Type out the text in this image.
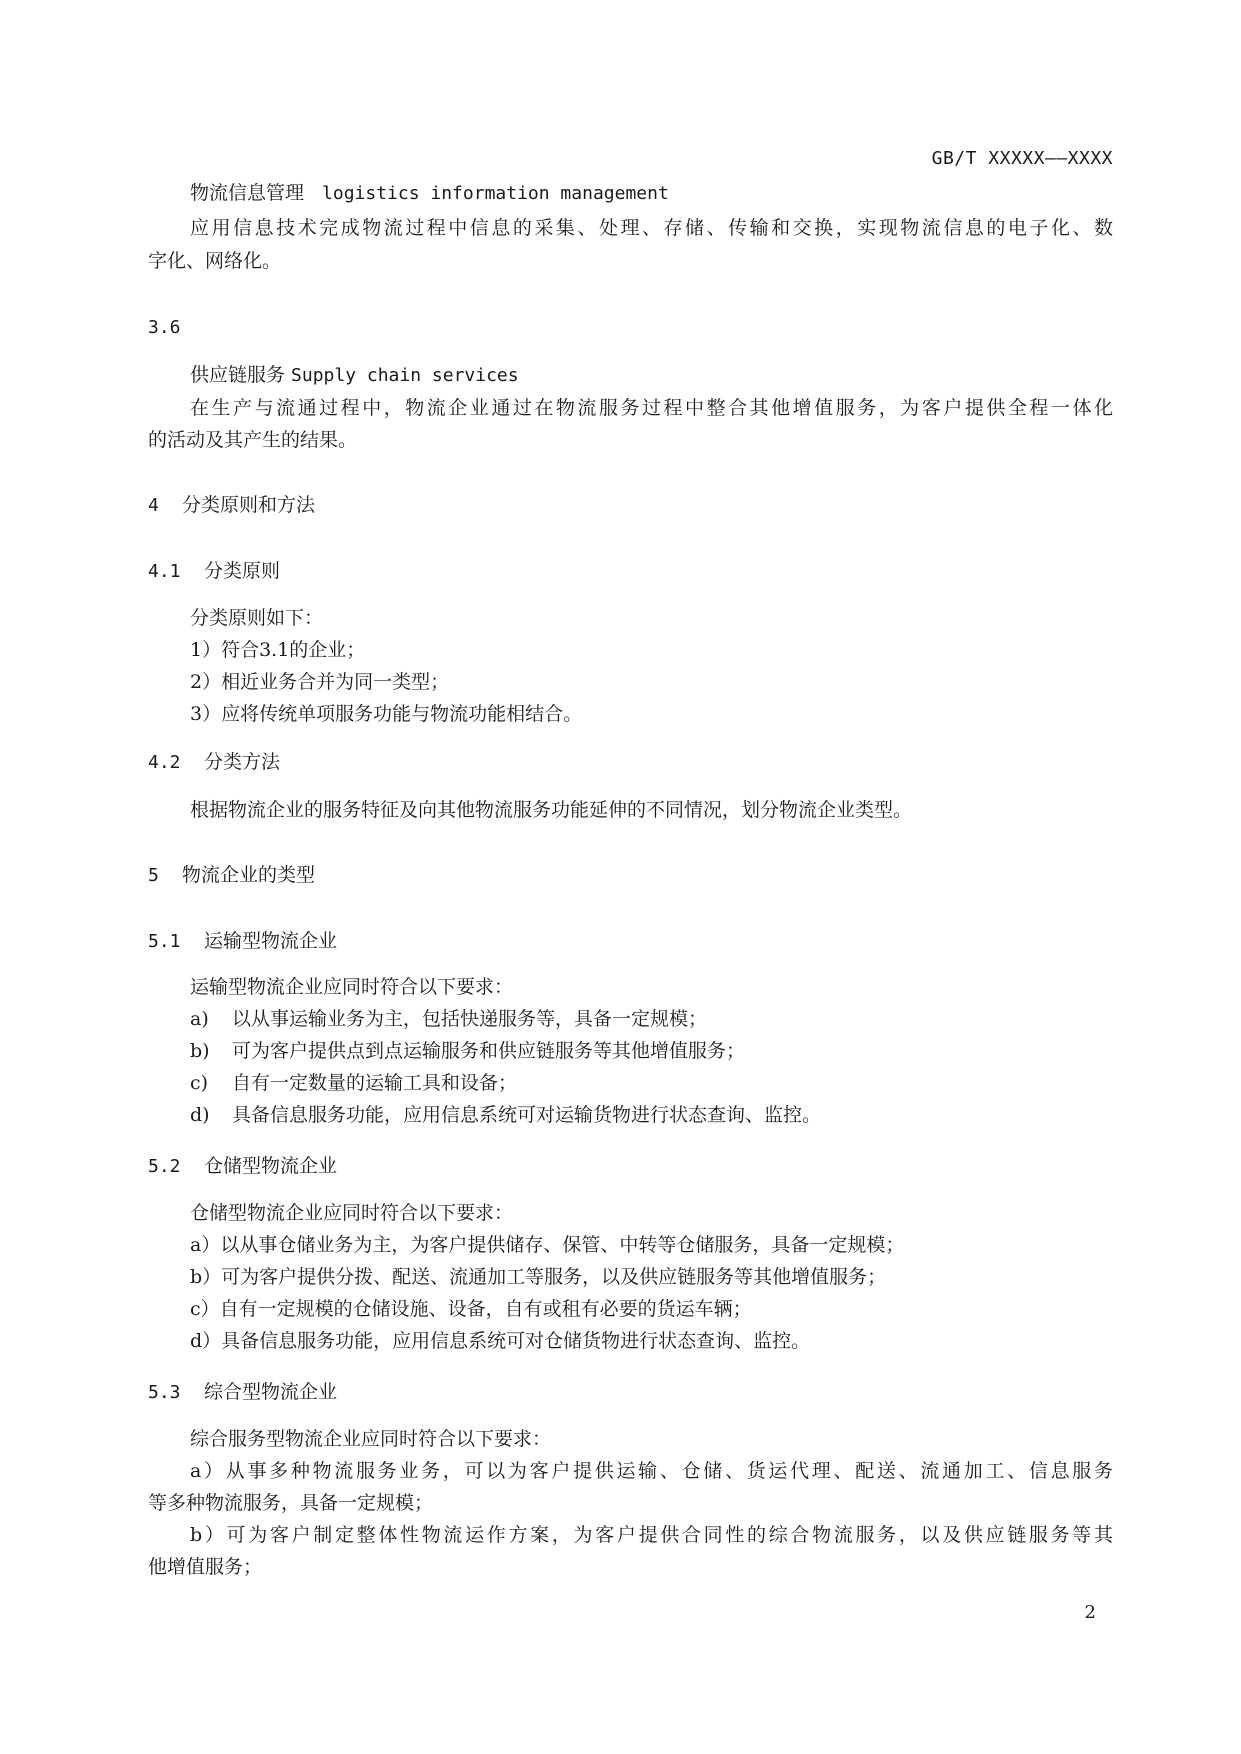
GB/T XXXXX——XXXX
物流信息管理 logistics information management
应用信息技术完成物流过程中信息的采集、处理、存储、传输和交换，实现物流信息的电子化、数
字化、网络化。
3.6
供应链服务 Supply chain services
在生产与流通过程中，物流企业通过在物流服务过程中整合其他增值服务，为客户提供全程一体化
的活动及其产生的结果。
4 分类原则和方法
4.1 分类原则
分类原则如下：
1）符合3.1的企业；
2）相近业务合并为同一类型；
3）应将传统单项服务功能与物流功能相结合。
4.2 分类方法
根据物流企业的服务特征及向其他物流服务功能延伸的不同情况，划分物流企业类型。
5 物流企业的类型
5.1 运输型物流企业
运输型物流企业应同时符合以下要求：
a) 以从事运输业务为主，包括快递服务等，具备一定规模；
b) 可为客户提供点到点运输服务和供应链服务等其他增值服务；
c) 自有一定数量的运输工具和设备；
d) 具备信息服务功能，应用信息系统可对运输货物进行状态查询、监控。
5.2 仓储型物流企业
仓储型物流企业应同时符合以下要求：
a）以从事仓储业务为主，为客户提供储存、保管、中转等仓储服务，具备一定规模；
b）可为客户提供分拨、配送、流通加工等服务，以及供应链服务等其他增值服务；
c）自有一定规模的仓储设施、设备，自有或租有必要的货运车辆；
d）具备信息服务功能，应用信息系统可对仓储货物进行状态查询、监控。
5.3 综合型物流企业
综合服务型物流企业应同时符合以下要求：
a）从事多种物流服务业务，可以为客户提供运输、仓储、货运代理、配送、流通加工、信息服务
等多种物流服务，具备一定规模；
b）可为客户制定整体性物流运作方案，为客户提供合同性的综合物流服务，以及供应链服务等其
他增值服务；
2
